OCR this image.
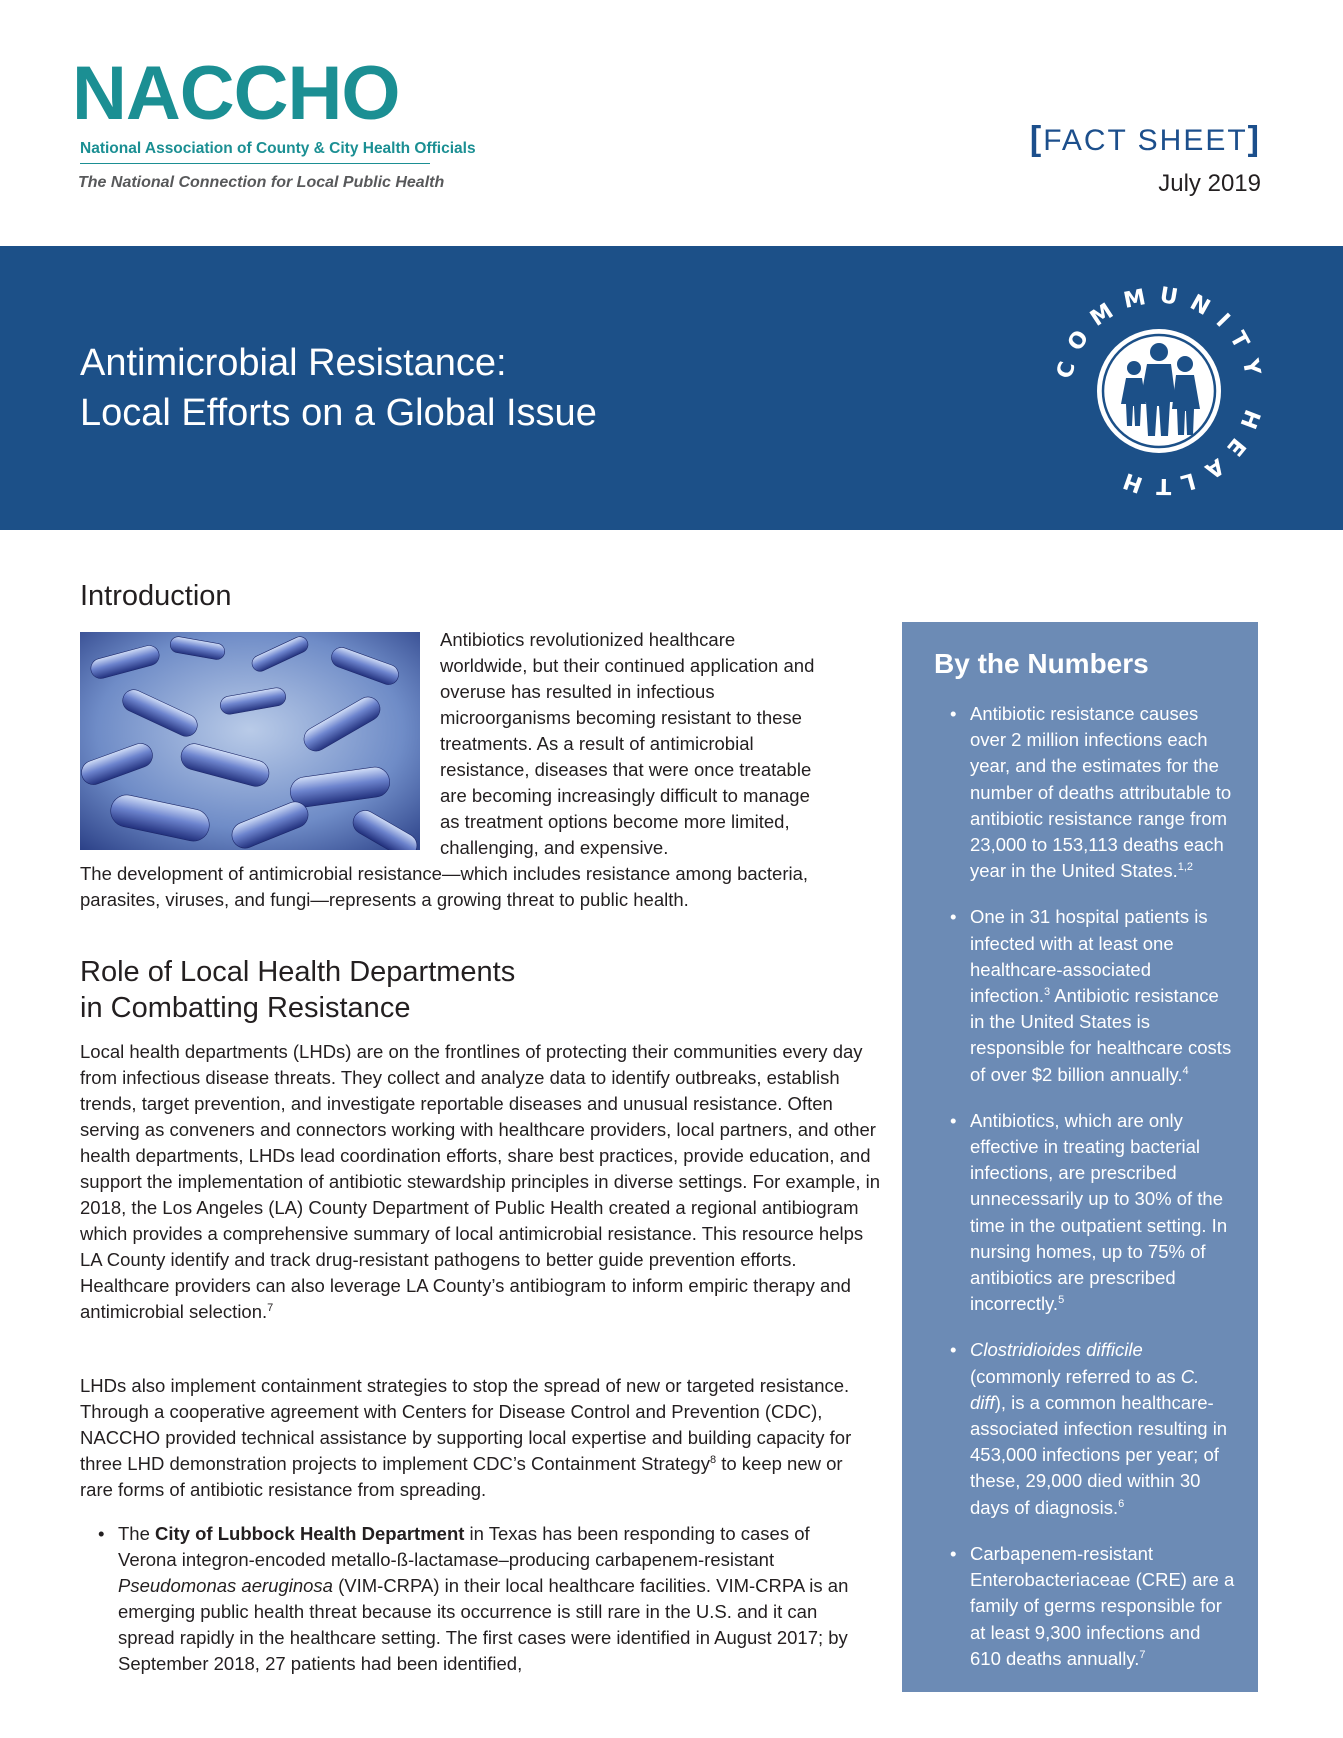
NACCHO
National Association of County & City Health Officials
The National Connection for Local Public Health
[FACT SHEET]
July 2019
Antimicrobial Resistance:
Local Efforts on a Global Issue
COMMUNITY HEALTH
Introduction

Antibiotics revolutionized healthcare worldwide, but their continued application and overuse has resulted in infectious microorganisms becoming resistant to these treatments. As a result of antimicrobial resistance, diseases that were once treatable are becoming increasingly difficult to manage as treatment options become more limited, challenging, and expensive.

The development of antimicrobial resistance—which includes resistance among bacteria, parasites, viruses, and fungi—represents a growing threat to public health.

Role of Local Health Departments
in Combatting Resistance

Local health departments (LHDs) are on the frontlines of protecting their communities every day from infectious disease threats. They collect and analyze data to identify outbreaks, establish trends, target prevention, and investigate reportable diseases and unusual resistance. Often serving as conveners and connectors working with healthcare providers, local partners, and other health departments, LHDs lead coordination efforts, share best practices, provide education, and support the implementation of antibiotic stewardship principles in diverse settings. For example, in 2018, the Los Angeles (LA) County Department of Public Health created a regional antibiogram which provides a comprehensive summary of local antimicrobial resistance. This resource helps LA County identify and track drug-resistant pathogens to better guide prevention efforts. Healthcare providers can also leverage LA County’s antibiogram to inform empiric therapy and antimicrobial selection.$^7$

LHDs also implement containment strategies to stop the spread of new or targeted resistance. Through a cooperative agreement with Centers for Disease Control and Prevention (CDC), NACCHO provided technical assistance by supporting local expertise and building capacity for three LHD demonstration projects to implement CDC’s Containment Strategy$^8$ to keep new or rare forms of antibiotic resistance from spreading.

• The City of Lubbock Health Department in Texas has been responding to cases of Verona integron-encoded metallo-ß-lactamase–producing carbapenem-resistant Pseudomonas aeruginosa (VIM-CRPA) in their local healthcare facilities. VIM-CRPA is an emerging public health threat because its occurrence is still rare in the U.S. and it can spread rapidly in the healthcare setting. The first cases were identified in August 2017; by September 2018, 27 patients had been identified,
By the Numbers
• Antibiotic resistance causes over 2 million infections each year, and the estimates for the number of deaths attributable to antibiotic resistance range from 23,000 to 153,113 deaths each year in the United States.$^{1,2}$
• One in 31 hospital patients is infected with at least one healthcare-associated infection.$^3$ Antibiotic resistance in the United States is responsible for healthcare costs of over $2 billion annually.$^4$
• Antibiotics, which are only effective in treating bacterial infections, are prescribed unnecessarily up to 30% of the time in the outpatient setting. In nursing homes, up to 75% of antibiotics are prescribed incorrectly.$^5$
• Clostridioides difficile (commonly referred to as C. diff), is a common healthcare-associated infection resulting in 453,000 infections per year; of these, 29,000 died within 30 days of diagnosis.$^6$
• Carbapenem-resistant Enterobacteriaceae (CRE) are a family of germs responsible for at least 9,300 infections and 610 deaths annually.$^7$
